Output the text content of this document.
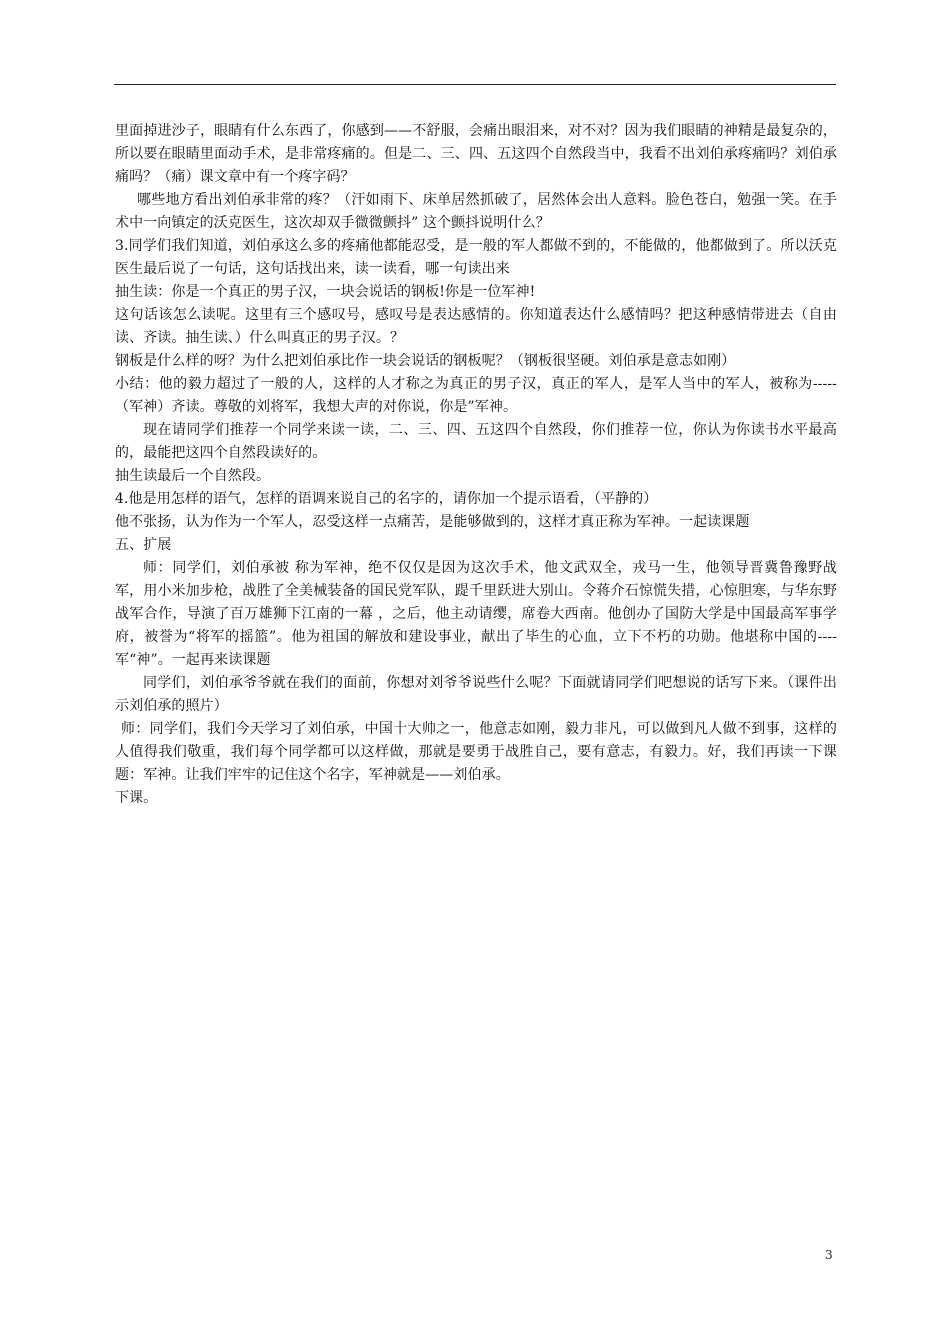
里面掉进沙子，眼睛有什么东西了，你感到——不舒服，会痛出眼泪来，对不对？因为我们眼睛的神精是最复杂的，所以要在眼睛里面动手术，是非常疼痛的。但是二、三、四、五这四个自然段当中，我看不出刘伯承疼痛吗？刘伯承痛吗？（痛）课文章中有一个疼字码？

哪些地方看出刘伯承非常的疼？（汗如雨下、床单居然抓破了，居然体会出人意料。脸色苍白，勉强一笑。在手术中一向镇定的沃克医生，这次却双手微微颤抖” 这个颤抖说明什么？

3.同学们我们知道，刘伯承这么多的疼痛他都能忍受，是一般的军人都做不到的，不能做的，他都做到了。所以沃克医生最后说了一句话，这句话找出来，读一读看，哪一句读出来

抽生读：你是一个真正的男子汉，一块会说话的钢板!你是一位军神!

这句话该怎么读呢。这里有三个感叹号，感叹号是表达感情的。你知道表达什么感情吗？把这种感情带进去（自由读、齐读。抽生读、）什么叫真正的男子汉。？

钢板是什么样的呀？为什么把刘伯承比作一块会说话的钢板呢？（钢板很坚硬。刘伯承是意志如刚）

小结：他的毅力超过了一般的人，这样的人才称之为真正的男子汉，真正的军人，是军人当中的军人，被称为-----（军神）齐读。尊敬的刘将军，我想大声的对你说，你是”军神。

现在请同学们推荐一个同学来读一读，二、三、四、五这四个自然段，你们推荐一位，你认为你读书水平最高的，最能把这四个自然段读好的。

抽生读最后一个自然段。

4.他是用怎样的语气，怎样的语调来说自己的名字的，请你加一个提示语看，（平静的）

他不张扬，认为作为一个军人，忍受这样一点痛苦，是能够做到的，这样才真正称为军神。一起读课题

五、扩展

师：同学们，刘伯承被 称为军神，绝不仅仅是因为这次手术，他文武双全，戎马一生，他领导晋冀鲁豫野战军，用小米加步枪，战胜了全美械装备的国民党军队，踶千里跃进大别山。令蒋介石惊慌失措，心惊胆寒，与华东野战军合作，导演了百万雄狮下江南的一幕 ，之后，他主动请缨，席卷大西南。他创办了国防大学是中国最高军事学府，被誉为“将军的摇篮”。他为祖国的解放和建设事业，献出了毕生的心血，立下不朽的功勋。他堪称中国的----军“神”。一起再来读课题

同学们，刘伯承爷爷就在我们的面前，你想对刘爷爷说些什么呢？下面就请同学们吧想说的话写下来。（课件出示刘伯承的照片）

师：同学们，我们今天学习了刘伯承，中国十大帅之一，他意志如刚，毅力非凡，可以做到凡人做不到事，这样的人值得我们敬重，我们每个同学都可以这样做，那就是要勇于战胜自己，要有意志，有毅力。好，我们再读一下课题：军神。让我们牢牢的记住这个名字，军神就是——刘伯承。

下课。

3
